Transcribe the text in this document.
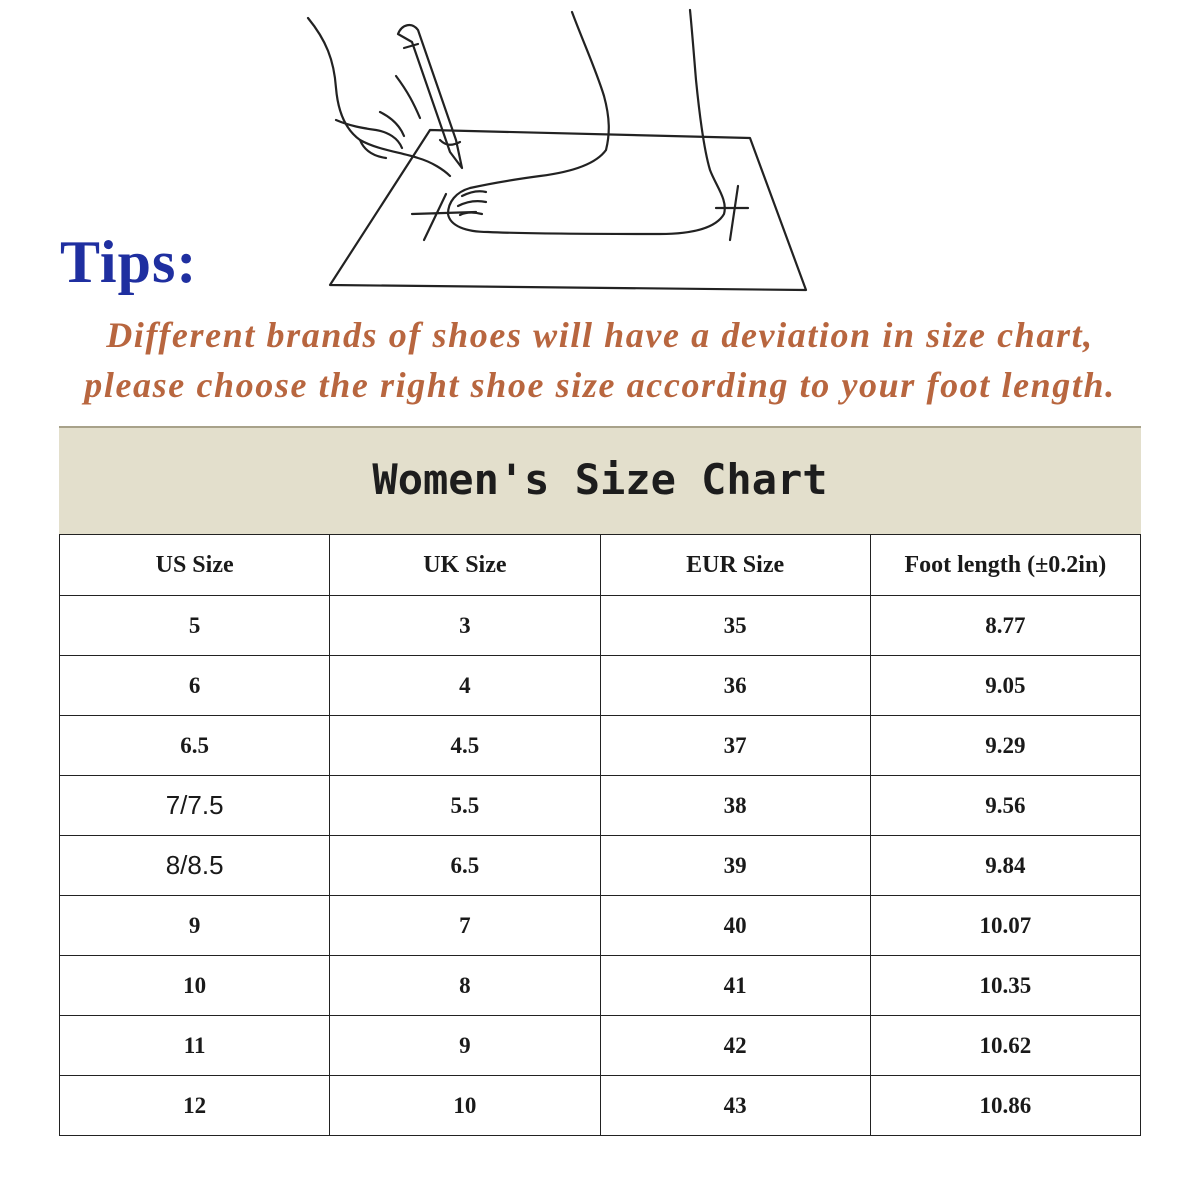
Tips:

Different brands of shoes will have a deviation in size chart,

please choose the right shoe size according to your foot length.

Women's Size Chart
US Size	UK Size	EUR Size	Foot length (±0.2in)
5	3	35	8.77
6	4	36	9.05
6.5	4.5	37	9.29
7/7.5	5.5	38	9.56
8/8.5	6.5	39	9.84
9	7	40	10.07
10	8	41	10.35
11	9	42	10.62
12	10	43	10.86
